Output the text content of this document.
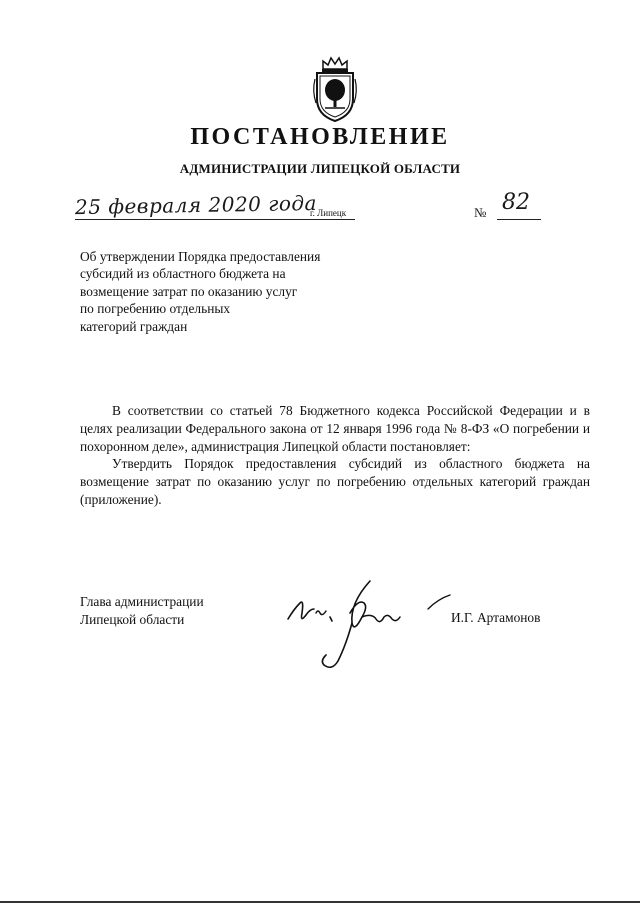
ПОСТАНОВЛЕНИЕ
АДМИНИСТРАЦИИ ЛИПЕЦКОЙ ОБЛАСТИ
25 февраля 2020 года
г. Липецк	№ 82
Об утверждении Порядка предоставления
субсидий из областного бюджета на
возмещение затрат по оказанию услуг
по погребению отдельных
категорий граждан

В соответствии со статьей 78 Бюджетного кодекса Российской Федерации и в целях реализации Федерального закона от 12 января 1996 года № 8-ФЗ «О погребении и похоронном деле», администрация Липецкой области постановляет:

Утвердить Порядок предоставления субсидий из областного бюджета на возмещение затрат по оказанию услуг по погребению отдельных категорий граждан (приложение).

Глава администрации
Липецкой области	И.Г. Артамонов
